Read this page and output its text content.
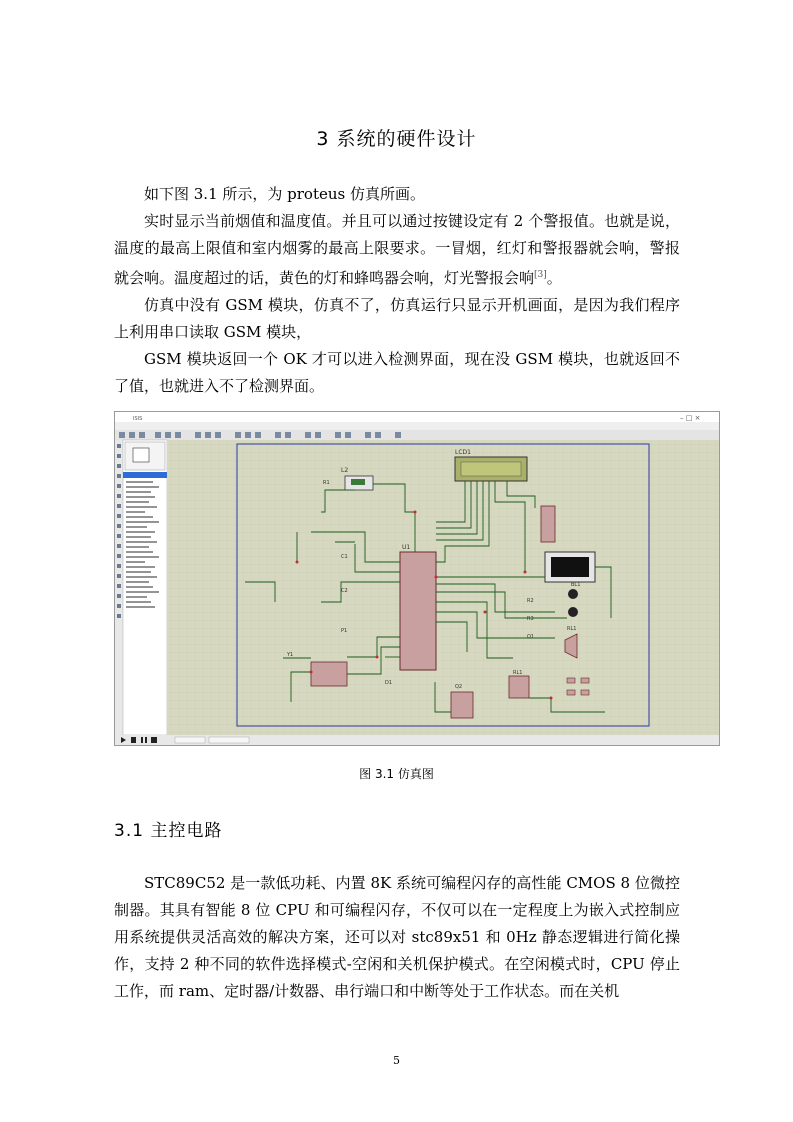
3 系统的硬件设计

如下图 3.1 所示，为 proteus 仿真所画。

实时显示当前烟值和温度值。并且可以通过按键设定有 2 个警报值。也就是说，温度的最高上限值和室内烟雾的最高上限要求。一冒烟，红灯和警报器就会响，警报就会响。温度超过的话，黄色的灯和蜂鸣器会响，灯光警报会响[3]。

仿真中没有 GSM 模块，仿真不了，仿真运行只显示开机画面，是因为我们程序上利用串口读取 GSM 模块，

GSM 模块返回一个 OK 才可以进入检测界面，现在没 GSM 模块，也就返回不了值，也就进入不了检测界面。

ISIS	– □ ×
LCD1
U1
L2
BL1
RL1
R1
R2
R3
Q1
Q2
D1
Y1
C1
C2
RL1
P1
图 3.1 仿真图
3.1 主控电路

STC89C52 是一款低功耗、内置 8K 系统可编程闪存的高性能 CMOS 8 位微控制器。其具有智能 8 位 CPU 和可编程闪存，不仅可以在一定程度上为嵌入式控制应用系统提供灵活高效的解决方案，还可以对 stc89x51 和 0Hz 静态逻辑进行简化操作，支持 2 种不同的软件选择模式-空闲和关机保护模式。在空闲模式时，CPU 停止工作，而 ram、定时器/计数器、串行端口和中断等处于工作状态。而在关机

5
